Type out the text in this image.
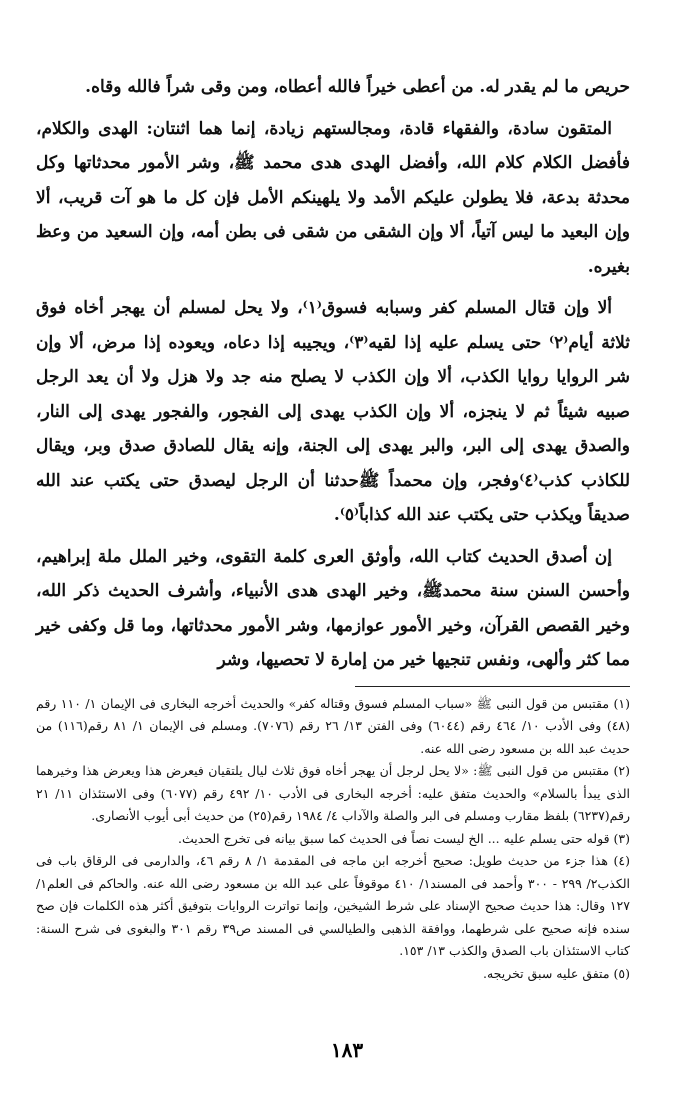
حريص ما لم يقدر له. من أعطى خيراً فالله أعطاه، ومن وقى شراً فالله وقاه.

المتقون سادة، والفقهاء قادة، ومجالستهم زيادة، إنما هما اثنتان: الهدى والكلام، فأفضل الكلام كلام الله، وأفضل الهدى هدى محمد ﷺ، وشر الأمور محدثاتها وكل محدثة بدعة، فلا يطولن عليكم الأمد ولا يلهينكم الأمل فإن كل ما هو آت قريب، ألا وإن البعيد ما ليس آتياً، ألا وإن الشقى من شقى فى بطن أمه، وإن السعيد من وعظ بغيره.

ألا وإن قتال المسلم كفر وسبابه فسوق⁽١⁾، ولا يحل لمسلم أن يهجر أخاه فوق ثلاثة أيام⁽٢⁾ حتى يسلم عليه إذا لقيه⁽٣⁾، ويجيبه إذا دعاه، ويعوده إذا مرض، ألا وإن شر الروايا روايا الكذب، ألا وإن الكذب لا يصلح منه جد ولا هزل ولا أن يعد الرجل صبيه شيئاً ثم لا ينجزه، ألا وإن الكذب يهدى إلى الفجور، والفجور يهدى إلى النار، والصدق يهدى إلى البر، والبر يهدى إلى الجنة، وإنه يقال للصادق صدق وبر، ويقال للكاذب كذب⁽٤⁾وفجر، وإن محمداً ﷺحدثنا أن الرجل ليصدق حتى يكتب عند الله صديقاً ويكذب حتى يكتب عند الله كذاباً⁽٥⁾.

إن أصدق الحديث كتاب الله، وأوثق العرى كلمة التقوى، وخير الملل ملة إبراهيم، وأحسن السنن سنة محمدﷺ، وخير الهدى هدى الأنبياء، وأشرف الحديث ذكر الله، وخير القصص القرآن، وخير الأمور عوازمها، وشر الأمور محدثاتها، وما قل وكفى خير مما كثر وألهى، ونفس تنجيها خير من إمارة لا تحصيها، وشر

(١) مقتبس من قول النبى ﷺ «سباب المسلم فسوق وقتاله كفر» والحديث أخرجه البخارى فى الإيمان ١/ ١١٠ رقم (٤٨) وفى الأدب ١٠/ ٤٦٤ رقم (٦٠٤٤) وفى الفتن ١٣/ ٢٦ رقم (٧٠٧٦). ومسلم فى الإيمان ١/ ٨١ رقم(١١٦) من حديث عبد الله بن مسعود رضى الله عنه.

(٢) مقتبس من قول النبى ﷺ: «لا يحل لرجل أن يهجر أخاه فوق ثلاث ليال يلتقيان فيعرض هذا ويعرض هذا وخيرهما الذى يبدأ بالسلام» والحديث متفق عليه: أخرجه البخارى فى الأدب ١٠/ ٤٩٢ رقم (٦٠٧٧) وفى الاستئذان ١١/ ٢١ رقم(٦٢٣٧) بلفظ مقارب ومسلم فى البر والصلة والآداب ٤/ ١٩٨٤ رقم(٢٥) من حديث أبى أيوب الأنصارى.

(٣) قوله حتى يسلم عليه ... الخ ليست نصاً فى الحديث كما سبق بيانه فى تخرج الحديث.

(٤) هذا جزء من حديث طويل: صحيح أخرجه ابن ماجه فى المقدمة ١/ ٨ رقم ٤٦، والدارمى فى الرقاق باب فى الكذب٢/ ٢٩٩ - ٣٠٠ وأحمد فى المسند١/ ٤١٠ موقوفاً على عبد الله بن مسعود رضى الله عنه. والحاكم فى العلم١/ ١٢٧ وقال: هذا حديث صحيح الإسناد على شرط الشيخين، وإنما تواترت الروايات بتوفيق أكثر هذه الكلمات فإن صح سنده فإنه صحيح على شرطهما، ووافقة الذهبى والطيالسي فى المسند ص٣٩ رقم ٣٠١ والبغوى فى شرح السنة: كتاب الاستئذان باب الصدق والكذب ١٣/ ١٥٣.

(٥) متفق عليه سبق تخريجه.

١٨٣
